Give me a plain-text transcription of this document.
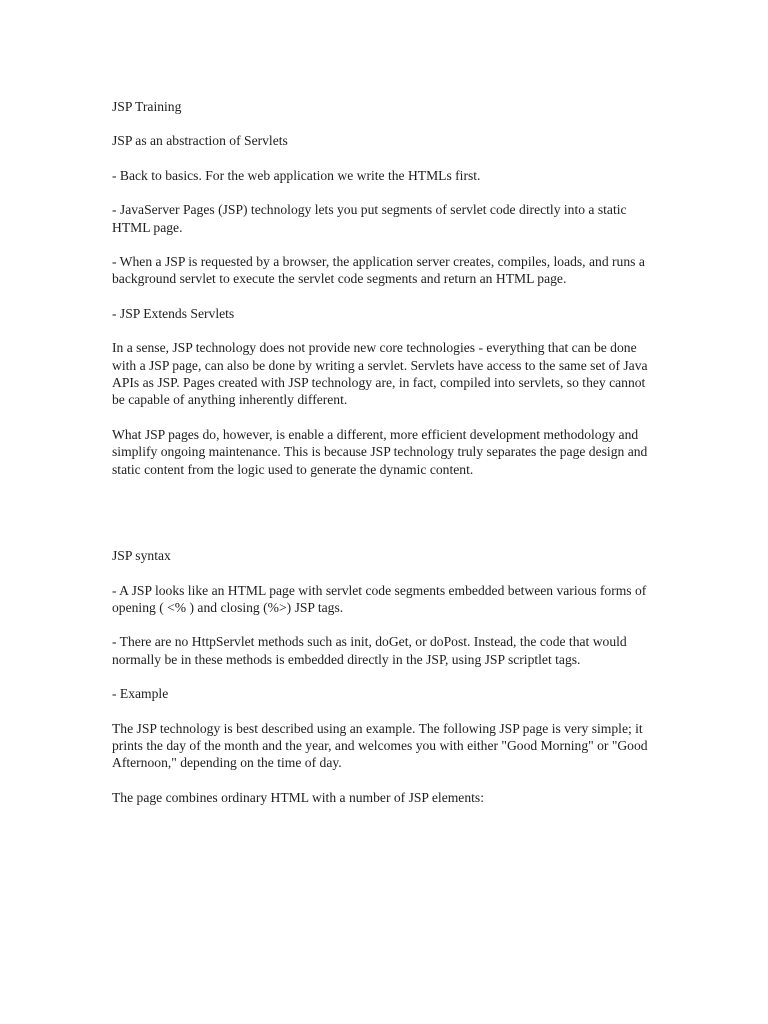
JSP Training

JSP as an abstraction of Servlets

- Back to basics. For the web application we write the HTMLs first.

- JavaServer Pages (JSP) technology lets you put segments of servlet code directly into a static HTML page.

- When a JSP is requested by a browser, the application server creates, compiles, loads, and runs a background servlet to execute the servlet code segments and return an HTML page.

- JSP Extends Servlets

In a sense, JSP technology does not provide new core technologies - everything that can be done with a JSP page, can also be done by writing a servlet. Servlets have access to the same set of Java APIs as JSP. Pages created with JSP technology are, in fact, compiled into servlets, so they cannot be capable of anything inherently different.

What JSP pages do, however, is enable a different, more efficient development methodology and simplify ongoing maintenance. This is because JSP technology truly separates the page design and static content from the logic used to generate the dynamic content.

JSP syntax

- A JSP looks like an HTML page with servlet code segments embedded between various forms of opening ( <% ) and closing (%>) JSP tags.

- There are no HttpServlet methods such as init, doGet, or doPost. Instead, the code that would normally be in these methods is embedded directly in the JSP, using JSP scriptlet tags.

- Example

The JSP technology is best described using an example. The following JSP page is very simple; it prints the day of the month and the year, and welcomes you with either "Good Morning" or "Good Afternoon," depending on the time of day.

The page combines ordinary HTML with a number of JSP elements:
